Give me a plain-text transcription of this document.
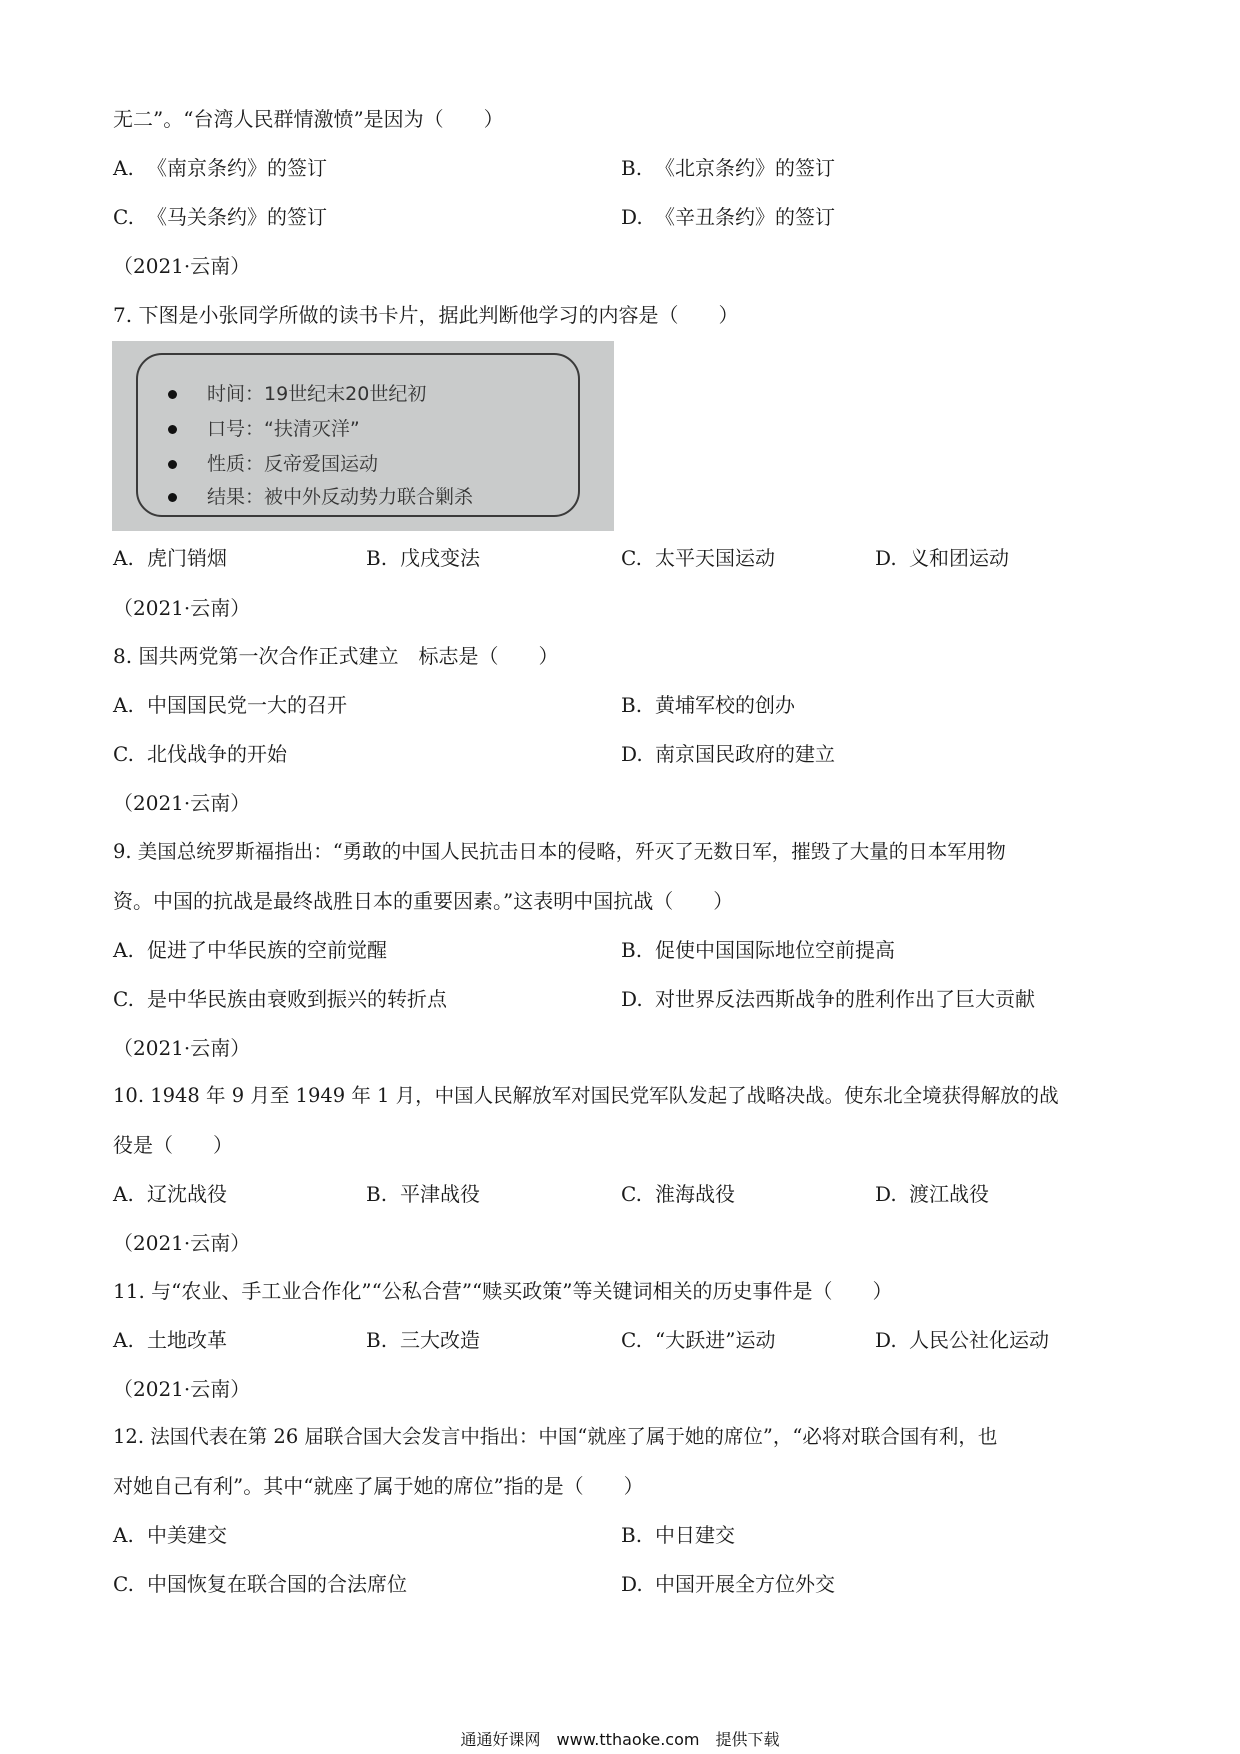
无二”。“台湾人民群情激愤”是因为（　　）
A. 《南京条约》的签订	B. 《北京条约》的签订
C. 《马关条约》的签订	D. 《辛丑条约》的签订
（2021·云南）
7. 下图是小张同学所做的读书卡片，据此判断他学习的内容是（　　）
时间：19世纪末20世纪初
口号：“扶清灭洋”
性质：反帝爱国运动
结果：被中外反动势力联合剿杀
A. 虎门销烟	B. 戊戌变法	C. 太平天国运动	D. 义和团运动
（2021·云南）
8. 国共两党第一次合作正式建立　标志是（　　）
A. 中国国民党一大的召开	B. 黄埔军校的创办
C. 北伐战争的开始	D. 南京国民政府的建立
（2021·云南）
9. 美国总统罗斯福指出：“勇敢的中国人民抗击日本的侵略，歼灭了无数日军，摧毁了大量的日本军用物
资。中国的抗战是最终战胜日本的重要因素。”这表明中国抗战（　　）
A. 促进了中华民族的空前觉醒	B. 促使中国国际地位空前提高
C. 是中华民族由衰败到振兴的转折点	D. 对世界反法西斯战争的胜利作出了巨大贡献
（2021·云南）
10. 1948 年 9 月至 1949 年 1 月，中国人民解放军对国民党军队发起了战略决战。使东北全境获得解放的战
役是（　　）
A. 辽沈战役	B. 平津战役	C. 淮海战役	D. 渡江战役
（2021·云南）
11. 与“农业、手工业合作化”“公私合营”“赎买政策”等关键词相关的历史事件是（　　）
A. 土地改革	B. 三大改造	C. “大跃进”运动	D. 人民公社化运动
（2021·云南）
12. 法国代表在第 26 届联合国大会发言中指出：中国“就座了属于她的席位”，“必将对联合国有利，也
对她自己有利”。其中“就座了属于她的席位”指的是（　　）
A. 中美建交	B. 中日建交
C. 中国恢复在联合国的合法席位	D. 中国开展全方位外交
通通好课网　www.tthaoke.com　提供下载
